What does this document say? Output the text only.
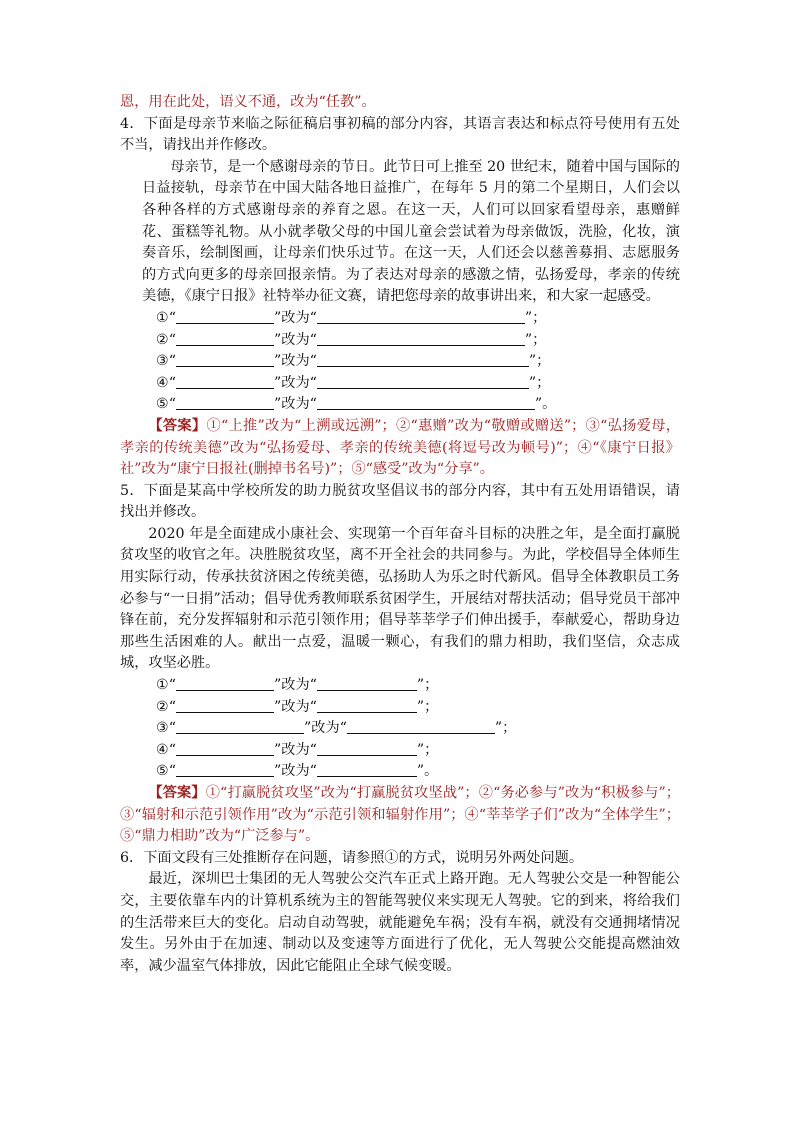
恩，用在此处，语义不通，改为“任教”。

4．下面是母亲节来临之际征稿启事初稿的部分内容，其语言表达和标点符号使用有五处不当，请找出并作修改。

母亲节，是一个感谢母亲的节日。此节日可上推至 20 世纪末，随着中国与国际的日益接轨，母亲节在中国大陆各地日益推广，在每年 5 月的第二个星期日，人们会以各种各样的方式感谢母亲的养育之恩。在这一天，人们可以回家看望母亲，惠赠鲜花、蛋糕等礼物。从小就孝敬父母的中国儿童会尝试着为母亲做饭，洗脸，化妆，演奏音乐，绘制图画，让母亲们快乐过节。在这一天，人们还会以慈善募捐、志愿服务的方式向更多的母亲回报亲情。为了表达对母亲的感激之情，弘扬爱母，孝亲的传统美德，《康宁日报》社特举办征文赛，请把您母亲的故事讲出来，和大家一起感受。

①“	”改为“	”；
②“	”改为“	”；
③“	”改为“	”；
④“	”改为“	”；
⑤“	”改为“	”。

【答案】①“上推”改为“上溯或远溯”；②“惠赠”改为“敬赠或赠送”；③“弘扬爱母，孝亲的传统美德”改为“弘扬爱母、孝亲的传统美德(将逗号改为顿号)”；④“《康宁日报》社”改为“康宁日报社(删掉书名号)”；⑤“感受”改为“分享”。

5．下面是某高中学校所发的助力脱贫攻坚倡议书的部分内容，其中有五处用语错误，请找出并修改。

2020 年是全面建成小康社会、实现第一个百年奋斗目标的决胜之年，是全面打赢脱贫攻坚的收官之年。决胜脱贫攻坚，离不开全社会的共同参与。为此，学校倡导全体师生用实际行动，传承扶贫济困之传统美德，弘扬助人为乐之时代新风。倡导全体教职员工务必参与“一日捐”活动；倡导优秀教师联系贫困学生，开展结对帮扶活动；倡导党员干部冲锋在前，充分发挥辐射和示范引领作用；倡导莘莘学子们伸出援手，奉献爱心，帮助身边那些生活困难的人。献出一点爱，温暖一颗心，有我们的鼎力相助，我们坚信，众志成城，攻坚必胜。

①“	”改为“	”；
②“	”改为“	”；
③“	”改为“	”；
④“	”改为“	”；
⑤“	”改为“	”。

【答案】①“打赢脱贫攻坚”改为“打赢脱贫攻坚战”；②“务必参与”改为“积极参与”；③“辐射和示范引领作用”改为“示范引领和辐射作用”；④“莘莘学子们”改为“全体学生”；⑤“鼎力相助”改为“广泛参与”。

6．下面文段有三处推断存在问题，请参照①的方式，说明另外两处问题。

最近，深圳巴士集团的无人驾驶公交汽车正式上路开跑。无人驾驶公交是一种智能公交，主要依靠车内的计算机系统为主的智能驾驶仪来实现无人驾驶。它的到来，将给我们的生活带来巨大的变化。启动自动驾驶，就能避免车祸；没有车祸，就没有交通拥堵情况发生。另外由于在加速、制动以及变速等方面进行了优化，无人驾驶公交能提高燃油效率，减少温室气体排放，因此它能阻止全球气候变暖。
